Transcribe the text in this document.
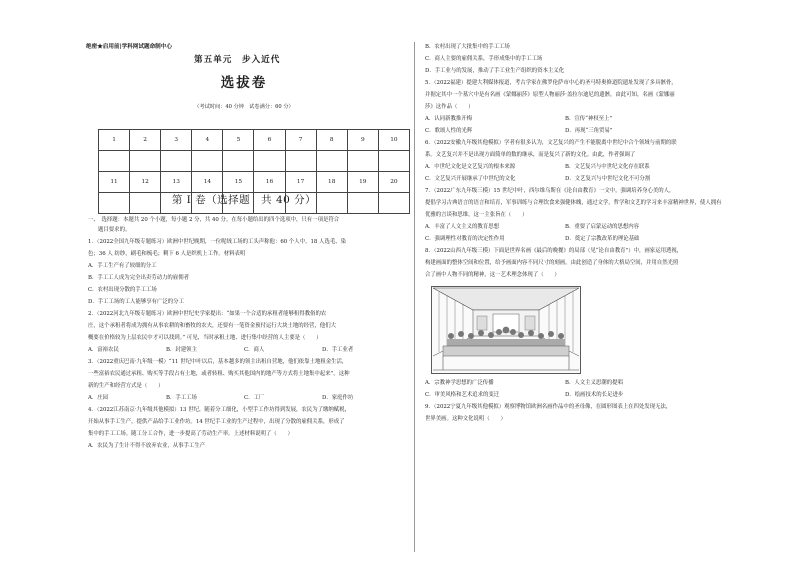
绝密★启用前|学科网试题命制中心
第五单元　步入近代
选拔卷
（考试时间：40 分钟　试卷满分：60 分）
1	2	3	4	5	6	7	8	9	10

11	12	13	14	15	16	17	18	19	20

第 I 卷（选择题　共 40 分）
一、　选择题：本题共 20 个小题，每小题 2 分，共 40 分。在每小题给出的四个选项中，只有一项是符合
题目要求的。
1．（2022全国九年级专题练习）欧洲中世纪晚期，一位呢绒工场的工头声称他：60 个人中，18 人选毛、染
色；36 人 纺纱，刷毛和梳毛；剩下 6 人是织机上工作。材料表明
A．手工生产有了较细的分工
B．手工工人成为完全出卖劳动力的雇佣者
C．农村出现分散的手工工场
D．手工工场的工人能够享有广泛的分工
2．（2022河北九年级专题练习）欧洲中世纪史学家提出：“如果一个合适的承租者能够租得教俗的农
庄，这个承租者将成为拥有从事农耕的和畜牧的农夫，还要有一笔资金预付运行大块土地的经营，他们大
概要在价格较为上层农民中才可以找到。” 可见，当时承租土地、进行集中经营的人主要是（　　）
A．富裕农民	B．封建领主	C．商人	D．手工业者
3．（2022重庆巴南·九年级一模）“11 世纪中叶以后，基本越多的领主出租自营地，他们依靠土地租金生活，
一些富裕农民通过承租、购买等手段占有土地，或者转租、购买其他国内的地产等方式将土地集中起来”。这种
新的生产和经营方式是（　　）
A．庄园	B．手工工场	C．工厂	D．家庭作坊
4．（2022江苏南京·九年级其他模拟）13 世纪，随着分工细化，小型手工作坊得到发展，农民为了缴纳赋税，
开始从事手工生产，提供产品给手工业作坊。14 世纪手工业的生产过程中，出现了分散的雇佣关系，形成了
集中的手工工场。随工分工合作，进一步提高了劳动生产率。上述材料说明了（　　）
A．农民为了生计不得不放弃农业，从事手工生产
B．农村出现了大批集中的手工工场
C．商人主要的雇佣关系，手形成集中的手工工场
D．手工业与的发展，推动了手工业生产组织的资本主义化
5．（2022福建）提建大利媒体报道，考古学家在佛罗伦萨市中心的圣马特奥修道院遗址发现了多具骸骨，
并据定其中一个墓穴中是有名画《蒙娜丽莎》原型人物丽莎·盖拉尔迪尼的遗骸。由此可知，名画《蒙娜丽
莎》这作品（　　）
A．认同新教推开梅	B．宣传“神权至上”
C．歌颂人性的光辉	D．再现“三角贸易”
6．（2022安徽九年级其他模拟）学者有很多认为，文艺复兴的产生不能脱离中世纪中合个领域与前期的联
系。文艺复兴并不是出现方面简单的数的继承，而是复兴了新的文化。由此，作者强调了
A．中世纪文化是文艺复兴的根本来源	B．文艺复兴与中世纪文化存在联系
C．文艺复兴开展继承了中世纪的文化	D．文艺复兴与中世纪文化不可分割
7．（2022广东九年级三模）15 世纪中叶，西尔维乌斯在《论自由教育》一文中，强调培养身心美的人，
提倡学习古典语言的语言和培育，军事训练与合理饮食来强健体魄，通过文学，哲学和文艺的学习来丰富精神世界，使人拥有
优雅的言谈和思维，这一主张旨在（　　）
A．丰富了人文主义的教育思想	B．重要了启蒙运动的思想内容
C．强调理性对教育的决定性作用	D．奠定了宗教改革的理论基础
8．（2022山西九年级三模）下面是世界名画《最后的晚餐》的局部（见“论自由教育”）中，画家运用透视，
构建画面的整体空间和位置，给予画面内容不同尺寸的刻画，由此创造了身体的大格局空间，并用自然光照
合了画中人物不同的精神，这一艺术理念体现了（　　）
A．宗教神学思想的广泛传播	B．人文主义思潮的提唱
C．审美风格和艺术追求的变迁	D．绘画技术的长足进步
9．（2022宁夏九年级其他模拟）观察博物馆欧洲名画作品中的圣母像，在圆形图表上在四处发现无法，
世界美画。这种文化说明（　　）
